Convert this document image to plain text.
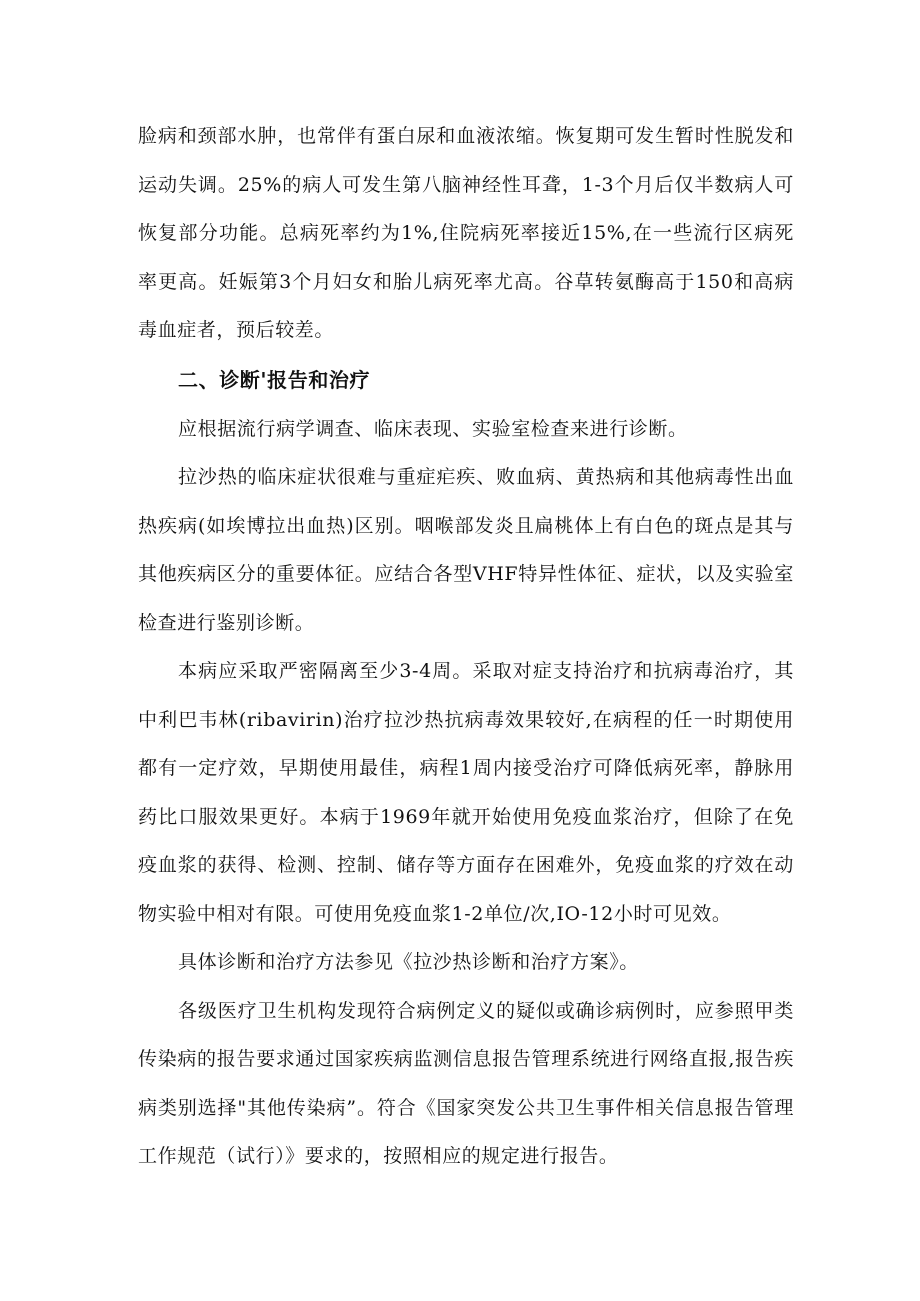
脸病和颈部水肿，也常伴有蛋白尿和血液浓缩。恢复期可发生暂时性脱发和运动失调。25%的病人可发生第八脑神经性耳聋，1-3个月后仅半数病人可恢复部分功能。总病死率约为1%,住院病死率接近15%,在一些流行区病死率更高。妊娠第3个月妇女和胎儿病死率尤高。谷草转氨酶高于150和高病毒血症者，预后较差。

二、诊断'报告和治疗

应根据流行病学调查、临床表现、实验室检查来进行诊断。

拉沙热的临床症状很难与重症疟疾、败血病、黄热病和其他病毒性出血热疾病(如埃博拉出血热)区别。咽喉部发炎且扁桃体上有白色的斑点是其与其他疾病区分的重要体征。应结合各型VHF特异性体征、症状，以及实验室检查进行鉴别诊断。

本病应采取严密隔离至少3-4周。采取对症支持治疗和抗病毒治疗，其中利巴韦林(ribavirin)治疗拉沙热抗病毒效果较好,在病程的任一时期使用都有一定疗效，早期使用最佳，病程1周内接受治疗可降低病死率，静脉用药比口服效果更好。本病于1969年就开始使用免疫血浆治疗，但除了在免疫血浆的获得、检测、控制、储存等方面存在困难外，免疫血浆的疗效在动物实验中相对有限。可使用免疫血浆1-2单位/次,IO-12小时可见效。

具体诊断和治疗方法参见《拉沙热诊断和治疗方案》。

各级医疗卫生机构发现符合病例定义的疑似或确诊病例时，应参照甲类传染病的报告要求通过国家疾病监测信息报告管理系统进行网络直报,报告疾病类别选择"其他传染病”。符合《国家突发公共卫生事件相关信息报告管理工作规范（试行）》要求的，按照相应的规定进行报告。
